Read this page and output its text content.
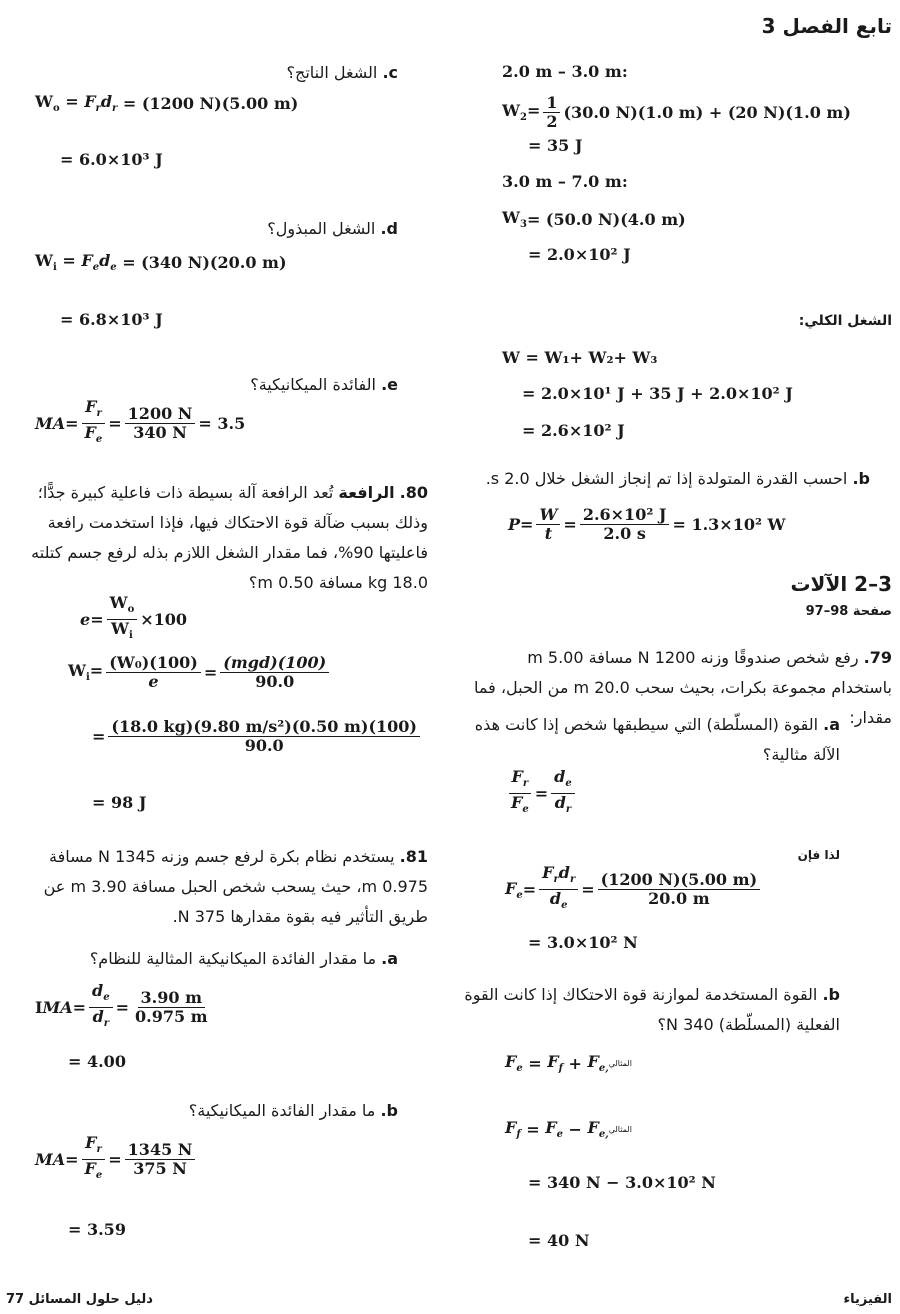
تابع الفصل 3
2.0 m – 3.0 m:
$W_2= \frac{1}{2} (30.0$ N)(1.0 m) + (20 N)(1.0 m)
= 35 J
3.0 m – 7.0 m:
$W_3 = (50.0$ N)(4.0 m)
= 2.0×10² J
الشغل الكلي:
W = W₁+ W₂+ W₃
= 2.0×10¹ J + 35 J + 2.0×10² J
= 2.6×10² J
b. احسب القدرة المتولدة إذا تم إنجاز الشغل خلال 2.0 s.
$P = \frac{W}{t} = \frac{\text{2.6×10² J}}{2.0 s} = 1.3\times 10^2$ W
3–2 الآلات
صفحة 98–97
79. رفع شخص صندوقًا وزنه 1200 N مسافة 5.00 m باستخدام مجموعة بكرات، بحيث سحب 20.0 m من الحبل، فما مقدار:
a. القوة (المسلّطة) التي سيطبقها شخص إذا كانت هذه الآلة مثالية؟
$\frac{F_r}{F_e} = \frac{d_e}{d_r}$
لذا فإن
$F_e = \frac{F_rd_r}{d_e} = \frac{(1200 N)(5.00 m)}{20.0 m}$
= 3.0×10² N
b. القوة المستخدمة لموازنة قوة الاحتكاك إذا كانت القوة الفعلية (المسلّطة) 340 N؟
$F_e = F_f + F_{e,}$
المثالي
$F_f = F_e - F_{e,}$
المثالي
= 340 N − 3.0×10² N
= 40 N
c. الشغل الناتج؟
$W_o = F_rd_r$
= (1200 N)(5.00 m)
= 6.0×10³ J
d. الشغل المبذول؟
$W_i = F_ed_e$
= (340 N)(20.0 m)
= 6.8×10³ J
e. الفائدة الميكانيكية؟
MA = $\frac{F_r}{F_e} = \frac{1200 N}{340 N} = 3.5$
80. الرافعة تُعد الرافعة آلة بسيطة ذات فاعلية كبيرة جدًّا؛ وذلك بسبب ضآلة قوة الاحتكاك فيها، فإذا استخدمت رافعة فاعليتها 90%، فما مقدار الشغل اللازم بذله لرفع جسم كتلته 18.0 kg مسافة 0.50 m؟
$e = \frac{W_o}{W_i} \times 100$
$W_i= \frac{\text{(W₀)(100)}}{e} = \frac{\text{(mgd)(100)}}{90.0}$
= $\frac{\text{(18.0 kg)(9.80 m/s²)(0.50 m)(100)}}{90.0}$
= 98 J
81. يستخدم نظام بكرة لرفع جسم وزنه 1345 N مسافة 0.975 m، حيث يسحب شخص الحبل مسافة 3.90 m عن طريق التأثير فيه بقوة مقدارها 375 N.
a. ما مقدار الفائدة الميكانيكية المثالية للنظام؟
I MA = $\frac{d_e}{d_r} = \frac{3.90 m}{0.975 m}$
= 4.00
b. ما مقدار الفائدة الميكانيكية؟
MA = $\frac{F_r}{F_e} = \frac{1345 N}{375 N}$
= 3.59
دليل حلول المسائل 77	الفيزياء
